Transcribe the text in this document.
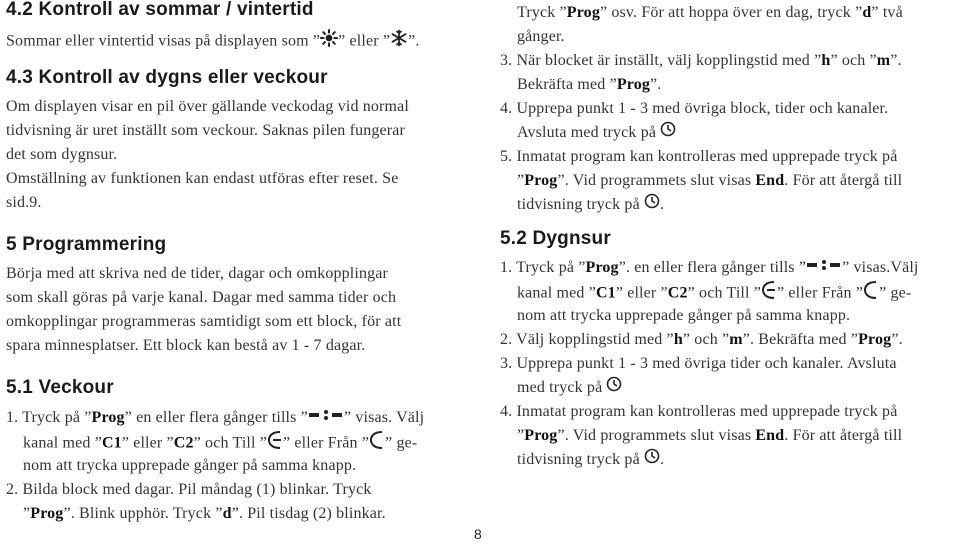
4.2 Kontroll av sommar / vintertid
Sommar eller vintertid visas på displayen som ” ” eller ” ”.
4.3 Kontroll av dygns eller veckour
Om displayen visar en pil över gällande veckodag vid normal
tidvisning är uret inställt som veckour. Saknas pilen fungerar
det som dygnsur.
Omställning av funktionen kan endast utföras efter reset. Se
sid.9.
5 Programmering
Börja med att skriva ned de tider, dagar och omkopplingar
som skall göras på varje kanal. Dagar med samma tider och
omkopplingar programmeras samtidigt som ett block, för att
spara minnesplatser. Ett block kan bestå av 1 - 7 dagar.
5.1 Veckour
1. Tryck på ”Prog” en eller flera gånger tills ” ” visas. Välj
kanal med ”C1” eller ”C2” och Till ” ” eller Från ” ” ge-
nom att trycka upprepade gånger på samma knapp.
2. Bilda block med dagar. Pil måndag (1) blinkar. Tryck
”Prog”. Blink upphör. Tryck ”d”. Pil tisdag (2) blinkar.
Tryck ”Prog” osv. För att hoppa över en dag, tryck ”d” två
gånger.
3. När blocket är inställt, välj kopplingstid med ”h” och ”m”.
Bekräfta med ”Prog”.
4. Upprepa punkt 1 - 3 med övriga block, tider och kanaler.
Avsluta med tryck på
5. Inmatat program kan kontrolleras med upprepade tryck på
”Prog”. Vid programmets slut visas End. För att återgå till
tidvisning tryck på .
5.2 Dygnsur
1. Tryck på ”Prog”. en eller flera gånger tills ” ” visas.Välj
kanal med ”C1” eller ”C2” och Till ” ” eller Från ” ” ge-
nom att trycka upprepade gånger på samma knapp.
2. Välj kopplingstid med ”h” och ”m”. Bekräfta med ”Prog”.
3. Upprepa punkt 1 - 3 med övriga tider och kanaler. Avsluta
med tryck på
4. Inmatat program kan kontrolleras med upprepade tryck på
”Prog”. Vid programmets slut visas End. För att återgå till
tidvisning tryck på .
8
